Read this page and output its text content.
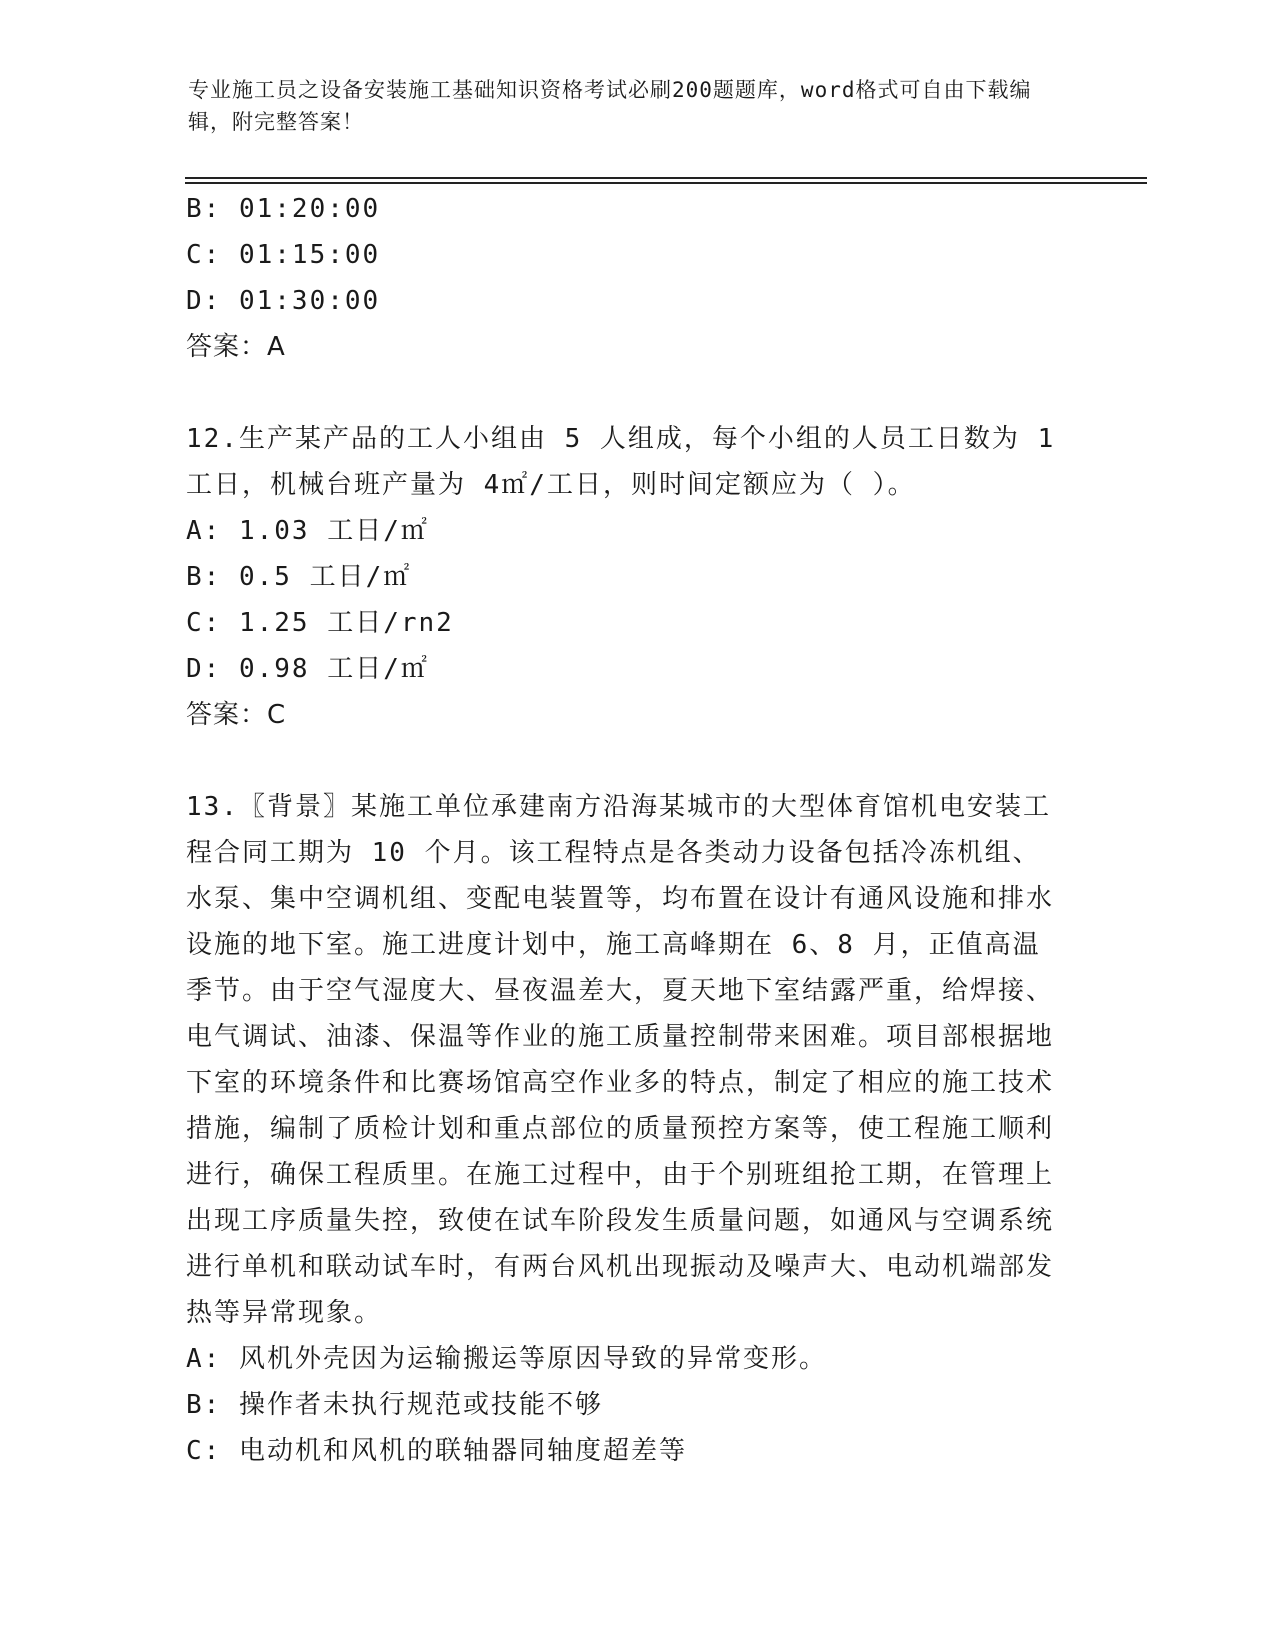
专业施工员之设备安装施工基础知识资格考试必刷200题题库，word格式可自由下载编辑，附完整答案！

B: 01:20:00

C: 01:15:00

D: 01:30:00

答案：A

12.生产某产品的工人小组由 5 人组成，每个小组的人员工日数为 1 工日，机械台班产量为 4㎡/工日，则时间定额应为（ ）。

A: 1.03 工日/㎡

B: 0.5 工日/㎡

C: 1.25 工日/rn2

D: 0.98 工日/㎡

答案：C

13.〖背景〗某施工单位承建南方沿海某城市的大型体育馆机电安装工程合同工期为 10 个月。该工程特点是各类动力设备包括冷冻机组、水泵、集中空调机组、变配电装置等，均布置在设计有通风设施和排水设施的地下室。施工进度计划中，施工高峰期在 6、8 月，正值高温季节。由于空气湿度大、昼夜温差大，夏天地下室结露严重，给焊接、电气调试、油漆、保温等作业的施工质量控制带来困难。项目部根据地下室的环境条件和比赛场馆高空作业多的特点，制定了相应的施工技术措施，编制了质检计划和重点部位的质量预控方案等，使工程施工顺利进行，确保工程质里。在施工过程中，由于个别班组抢工期，在管理上出现工序质量失控，致使在试车阶段发生质量问题，如通风与空调系统进行单机和联动试车时，有两台风机出现振动及噪声大、电动机端部发热等异常现象。

A: 风机外壳因为运输搬运等原因导致的异常变形。

B: 操作者未执行规范或技能不够

C: 电动机和风机的联轴器同轴度超差等
